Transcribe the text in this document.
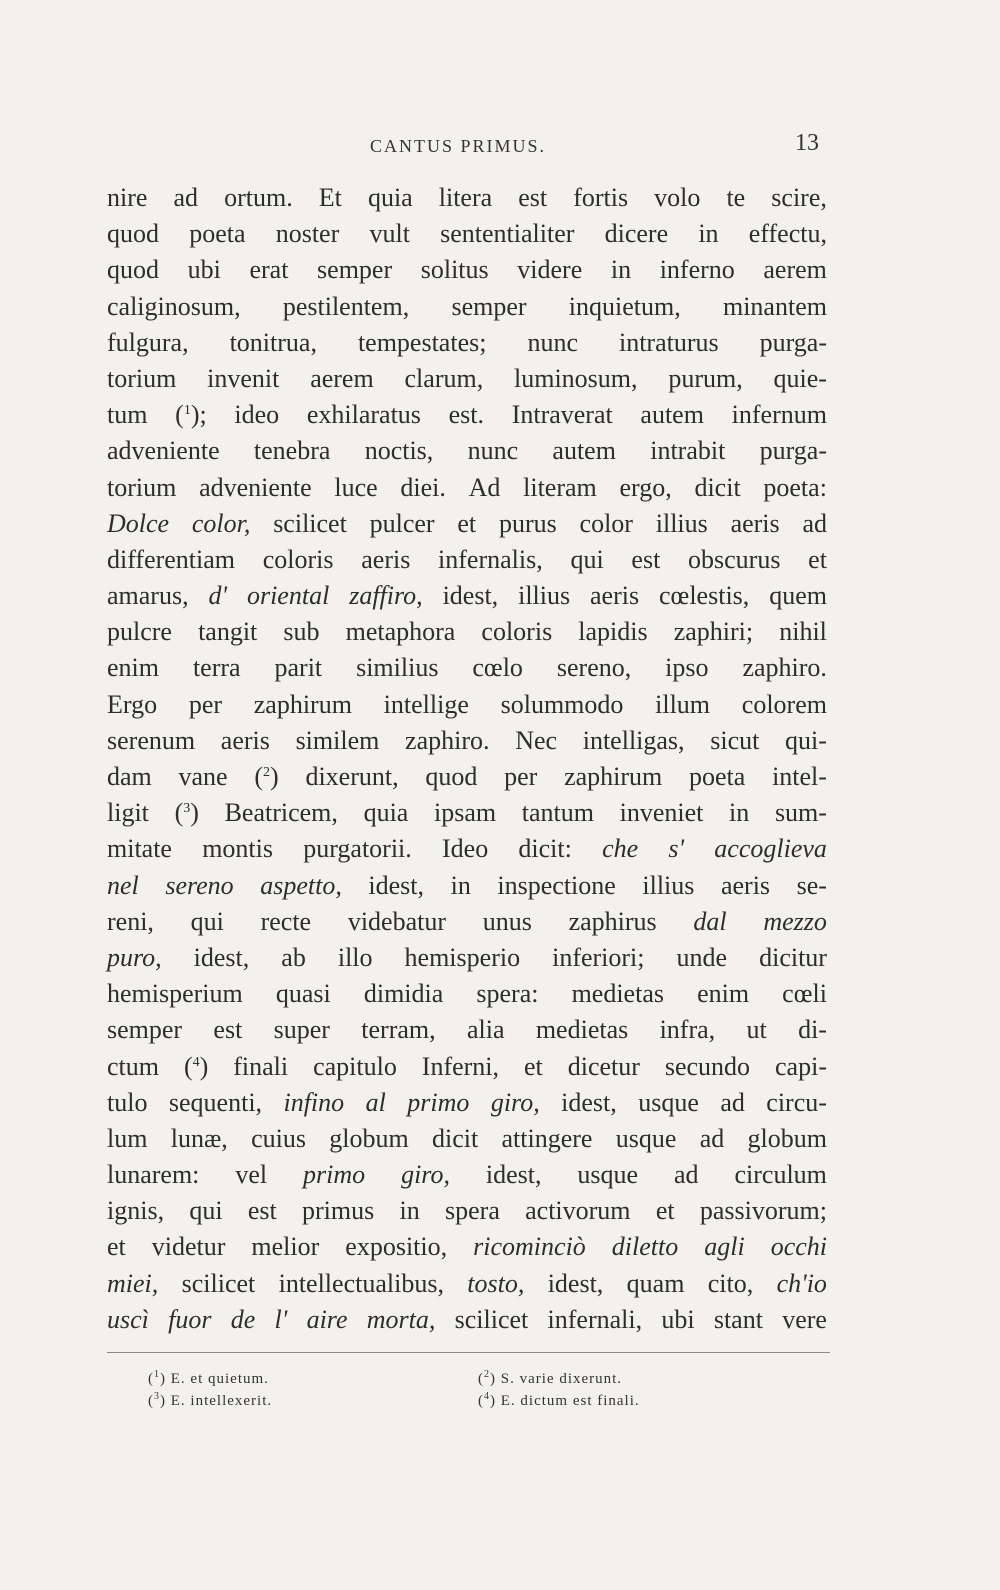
CANTUS PRIMUS.	13
nire ad ortum. Et quia litera est fortis volo te scire,
quod poeta noster vult sententialiter dicere in effectu,
quod ubi erat semper solitus videre in inferno aerem
caliginosum, pestilentem, semper inquietum, minantem
fulgura, tonitrua, tempestates; nunc intraturus purga-
torium invenit aerem clarum, luminosum, purum, quie-
tum ($^1$); ideo exhilaratus est. Intraverat autem infernum
adveniente tenebra noctis, nunc autem intrabit purga-
torium adveniente luce diei. Ad literam ergo, dicit poeta:
Dolce color, scilicet pulcer et purus color illius aeris ad
differentiam coloris aeris infernalis, qui est obscurus et
amarus, d' oriental zaffiro, idest, illius aeris cœlestis, quem
pulcre tangit sub metaphora coloris lapidis zaphiri; nihil
enim terra parit similius cœlo sereno, ipso zaphiro.
Ergo per zaphirum intellige solummodo illum colorem
serenum aeris similem zaphiro. Nec intelligas, sicut qui-
dam vane ($^2$) dixerunt, quod per zaphirum poeta intel-
ligit ($^3$) Beatricem, quia ipsam tantum inveniet in sum-
mitate montis purgatorii. Ideo dicit: che s' accoglieva
nel sereno aspetto, idest, in inspectione illius aeris se-
reni, qui recte videbatur unus zaphirus dal mezzo
puro, idest, ab illo hemisperio inferiori; unde dicitur
hemisperium quasi dimidia spera: medietas enim cœli
semper est super terram, alia medietas infra, ut di-
ctum ($^4$) finali capitulo Inferni, et dicetur secundo capi-
tulo sequenti, infino al primo giro, idest, usque ad circu-
lum lunæ, cuius globum dicit attingere usque ad globum
lunarem: vel primo giro, idest, usque ad circulum
ignis, qui est primus in spera activorum et passivorum;
et videtur melior expositio, ricominciò diletto agli occhi
miei, scilicet intellectualibus, tosto, idest, quam cito, ch'io
uscì fuor de l' aire morta, scilicet infernali, ubi stant vere
($^1$) E. et quietum.	($^2$) S. varie dixerunt.
($^3$) E. intellexerit.	($^4$) E. dictum est finali.
